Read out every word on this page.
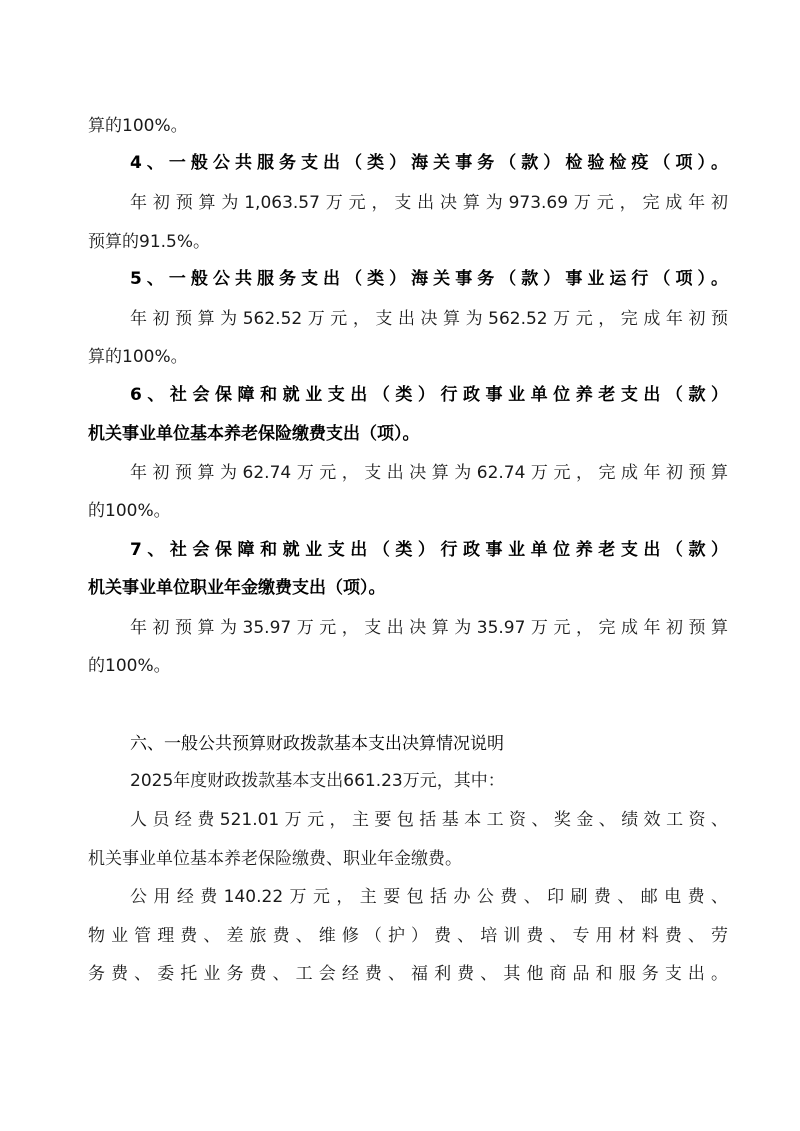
算的100%。

4、一般公共服务支出（类）海关事务（款）检验检疫（项）。

年初预算为1,063.57万元，支出决算为973.69万元，完成年初

预算的91.5%。

5、一般公共服务支出（类）海关事务（款）事业运行（项）。

年初预算为562.52万元，支出决算为562.52万元，完成年初预

算的100%。

6、社会保障和就业支出（类）行政事业单位养老支出（款）

机关事业单位基本养老保险缴费支出（项）。

年初预算为62.74万元，支出决算为62.74万元，完成年初预算

的100%。

7、社会保障和就业支出（类）行政事业单位养老支出（款）

机关事业单位职业年金缴费支出（项）。

年初预算为35.97万元，支出决算为35.97万元，完成年初预算

的100%。

六、一般公共预算财政拨款基本支出决算情况说明

2025年度财政拨款基本支出661.23万元，其中：

人员经费521.01万元，主要包括基本工资、奖金、绩效工资、

机关事业单位基本养老保险缴费、职业年金缴费。

公用经费140.22万元，主要包括办公费、印刷费、邮电费、

物业管理费、差旅费、维修（护）费、培训费、专用材料费、劳

务费、委托业务费、工会经费、福利费、其他商品和服务支出。
